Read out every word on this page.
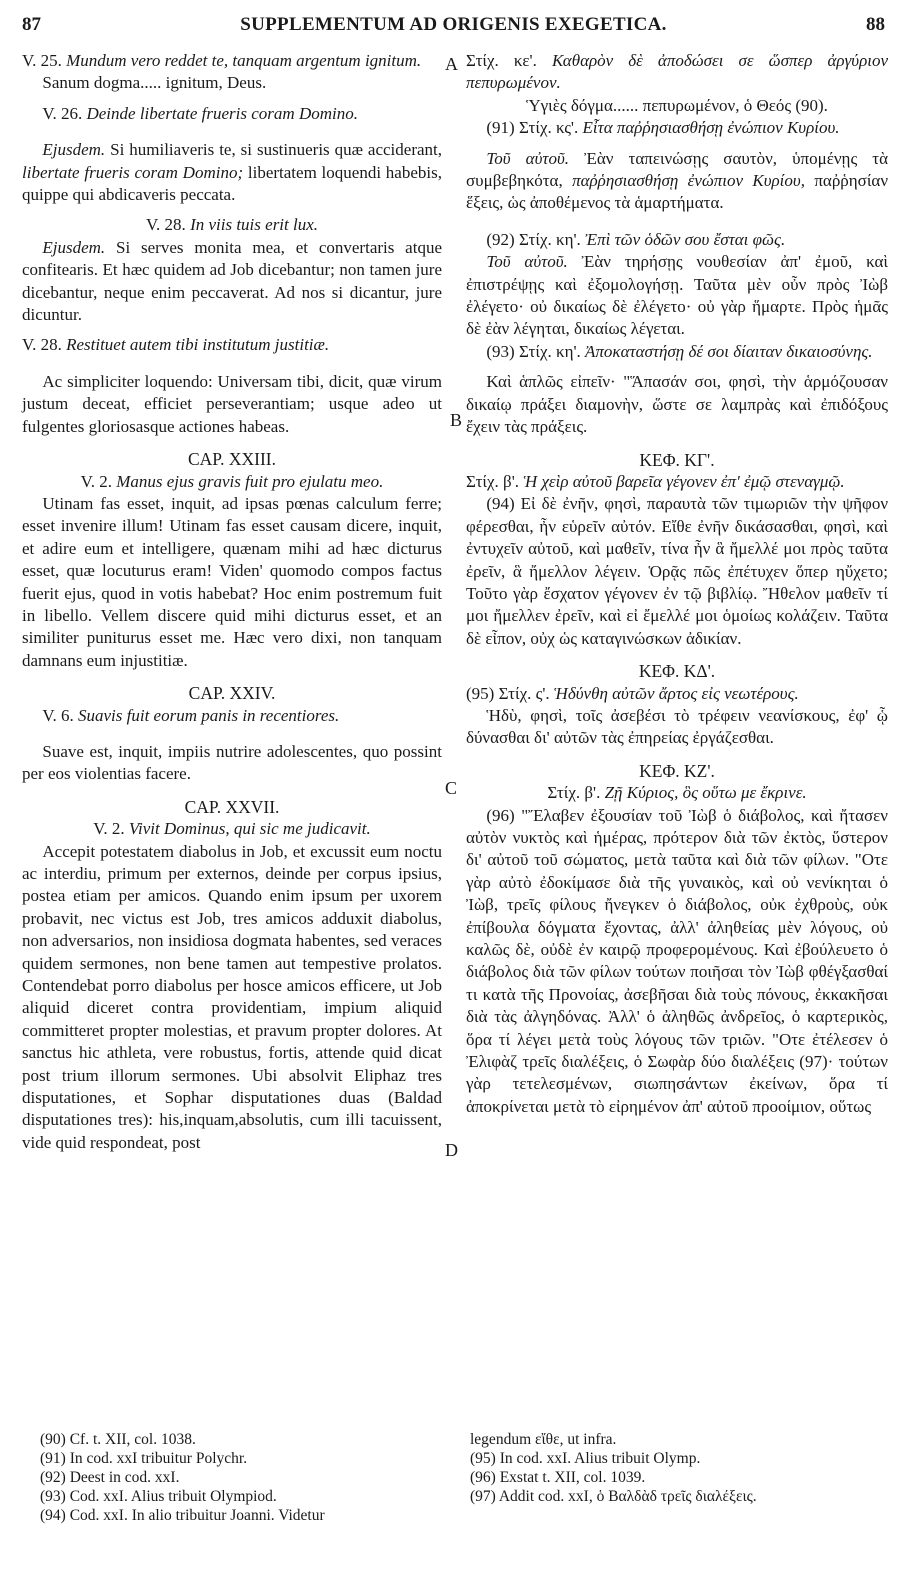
87	SUPPLEMENTUM AD ORIGENIS EXEGETICA.	88
A
B
C
D

V. 25. Mundum vero reddet te, tanquam argentum ignitum.

Sanum dogma..... ignitum, Deus.

V. 26. Deinde libertate frueris coram Domino.

Ejusdem. Si humiliaveris te, si sustinueris quæ acciderant, libertate frueris coram Domino; libertatem loquendi habebis, quippe qui abdicaveris peccata.

V. 28. In viis tuis erit lux.

Ejusdem. Si serves monita mea, et convertaris atque confitearis. Et hæc quidem ad Job dicebantur; non tamen jure dicebantur, neque enim peccaverat. Ad nos si dicantur, jure dicuntur.

V. 28. Restituet autem tibi institutum justitiæ.

Ac simpliciter loquendo: Universam tibi, dicit, quæ virum justum deceat, efficiet perseverantiam; usque adeo ut fulgentes gloriosasque actiones habeas.

CAP. XXIII.

V. 2. Manus ejus gravis fuit pro ejulatu meo.

Utinam fas esset, inquit, ad ipsas pœnas calculum ferre; esset invenire illum! Utinam fas esset causam dicere, inquit, et adire eum et intelligere, quænam mihi ad hæc dicturus esset, quæ locuturus eram! Viden' quomodo compos factus fuerit ejus, quod in votis habebat? Hoc enim postremum fuit in libello. Vellem discere quid mihi dicturus esset, et an similiter puniturus esset me. Hæc vero dixi, non tanquam damnans eum injustitiæ.

CAP. XXIV.

V. 6. Suavis fuit eorum panis in recentiores.

Suave est, inquit, impiis nutrire adolescentes, quo possint per eos violentias facere.

CAP. XXVII.

V. 2. Vivit Dominus, qui sic me judicavit.

Accepit potestatem diabolus in Job, et excussit eum noctu ac interdiu, primum per externos, deinde per corpus ipsius, postea etiam per amicos. Quando enim ipsum per uxorem probavit, nec victus est Job, tres amicos adduxit diabolus, non adversarios, non insidiosa dogmata habentes, sed veraces quidem sermones, non bene tamen aut tempestive prolatos. Contendebat porro diabolus per hosce amicos efficere, ut Job aliquid diceret contra providentiam, impium aliquid committeret propter molestias, et pravum propter dolores. At sanctus hic athleta, vere robustus, fortis, attende quid dicat post trium illorum sermones. Ubi absolvit Eliphaz tres disputationes, et Sophar disputationes duas (Baldad disputationes tres): his,inquam,absolutis, cum illi tacuissent, vide quid respondeat, post

Στίχ. κε'. Καθαρὸν δὲ ἀποδώσει σε ὥσπερ ἀργύριον πεπυρωμένον.

Ὑγιὲς δόγμα...... πεπυρωμένον, ὁ Θεός (90).

(91) Στίχ. κς'. Εἶτα παῤῥησιασθήσῃ ἐνώπιον Κυρίου.

Τοῦ αὐτοῦ. Ἐὰν ταπεινώσῃς σαυτὸν, ὑπομένῃς τὰ συμβεβηκότα, παῤῥησιασθήσῃ ἐνώπιον Κυρίου, παῤῥησίαν ἕξεις, ὡς ἀποθέμενος τὰ ἁμαρτήματα.

(92) Στίχ. κη'. Ἐπὶ τῶν ὁδῶν σου ἔσται φῶς.

Τοῦ αὐτοῦ. Ἐὰν τηρήσῃς νουθεσίαν ἀπ' ἐμοῦ, καὶ ἐπιστρέψῃς καὶ ἐξομολογήσῃ. Ταῦτα μὲν οὖν πρὸς Ἰὼβ ἐλέγετο· οὐ δικαίως δὲ ἐλέγετο· οὐ γὰρ ἥμαρτε. Πρὸς ἡμᾶς δὲ ἐὰν λέγηται, δικαίως λέγεται.

(93) Στίχ. κη'. Ἀποκαταστήσῃ δέ σοι δίαιταν δικαιοσύνης.

Καὶ ἁπλῶς εἰπεῖν· "Ἅπασάν σοι, φησὶ, τὴν ἁρμόζουσαν δικαίῳ πράξει διαμονὴν, ὥστε σε λαμπρὰς καὶ ἐπιδόξους ἔχειν τὰς πράξεις.

ΚΕΦ. ΚΓ'.

Στίχ. β'. Ἡ χεὶρ αὐτοῦ βαρεῖα γέγονεν ἐπ' ἐμῷ στεναγμῷ.

(94) Εἰ δὲ ἐνῆν, φησὶ, παραυτὰ τῶν τιμωριῶν τὴν ψῆφον φέρεσθαι, ἦν εὑρεῖν αὐτόν. Εἴθε ἐνῆν δικάσασθαι, φησὶ, καὶ ἐντυχεῖν αὐτοῦ, καὶ μαθεῖν, τίνα ἦν ἃ ἤμελλέ μοι πρὸς ταῦτα ἐρεῖν, ἃ ἤμελλον λέγειν. Ὁρᾷς πῶς ἐπέτυχεν ὅπερ ηὔχετο; Τοῦτο γὰρ ἔσχατον γέγονεν ἐν τῷ βιβλίῳ. Ἤθελον μαθεῖν τί μοι ἤμελλεν ἐρεῖν, καὶ εἰ ἔμελλέ μοι ὁμοίως κολάζειν. Ταῦτα δὲ εἶπον, οὐχ ὡς καταγινώσκων ἀδικίαν.

ΚΕΦ. ΚΔ'.

(95) Στίχ. ς'. Ἡδύνθη αὐτῶν ἄρτος εἰς νεωτέρους.

Ἡδὺ, φησὶ, τοῖς ἀσεβέσι τὸ τρέφειν νεανίσκους, ἐφ' ᾧ δύνασθαι δι' αὐτῶν τὰς ἐπηρείας ἐργάζεσθαι.

ΚΕΦ. ΚΖ'.

Στίχ. β'. Ζῇ Κύριος, ὃς οὕτω με ἔκρινε.

(96) "Ἔλαβεν ἐξουσίαν τοῦ Ἰὼβ ὁ διάβολος, καὶ ἤτασεν αὐτὸν νυκτὸς καὶ ἡμέρας, πρότερον διὰ τῶν ἐκτὸς, ὕστερον δι' αὐτοῦ τοῦ σώματος, μετὰ ταῦτα καὶ διὰ τῶν φίλων. "Οτε γὰρ αὐτὸ ἐδοκίμασε διὰ τῆς γυναικὸς, καὶ οὐ νενίκηται ὁ Ἰὼβ, τρεῖς φίλους ἤνεγκεν ὁ διάβολος, οὐκ ἐχθροὺς, οὐκ ἐπίβουλα δόγματα ἔχοντας, ἀλλ' ἀληθείας μὲν λόγους, οὐ καλῶς δὲ, οὐδὲ ἐν καιρῷ προφερομένους. Καὶ ἐβούλευετο ὁ διάβολος διὰ τῶν φίλων τούτων ποιῆσαι τὸν Ἰὼβ φθέγξασθαί τι κατὰ τῆς Προνοίας, ἀσεβῆσαι διὰ τοὺς πόνους, ἐκκακῆσαι διὰ τὰς ἀλγηδόνας. Ἀλλ' ὁ ἀληθῶς ἀνδρεῖος, ὁ καρτερικὸς, ὅρα τί λέγει μετὰ τοὺς λόγους τῶν τριῶν. "Οτε ἐτέλεσεν ὁ Ἐλιφὰζ τρεῖς διαλέξεις, ὁ Σωφὰρ δύο διαλέξεις (97)· τούτων γὰρ τετελεσμένων, σιωπησάντων ἐκείνων, ὅρα τί ἀποκρίνεται μετὰ τὸ εἰρημένον ἀπ' αὐτοῦ προοίμιον, οὕτως

(90) Cf. t. XII, col. 1038.

(91) In cod. xxI tribuitur Polychr.

(92) Deest in cod. xxI.

(93) Cod. xxI. Alius tribuit Olympiod.

(94) Cod. xxI. In alio tribuitur Joanni. Videtur

legendum εἴθε, ut infra.

(95) In cod. xxI. Alius tribuit Olymp.

(96) Exstat t. XII, col. 1039.

(97) Addit cod. xxI, ὁ Βαλδὰδ τρεῖς διαλέξεις.
